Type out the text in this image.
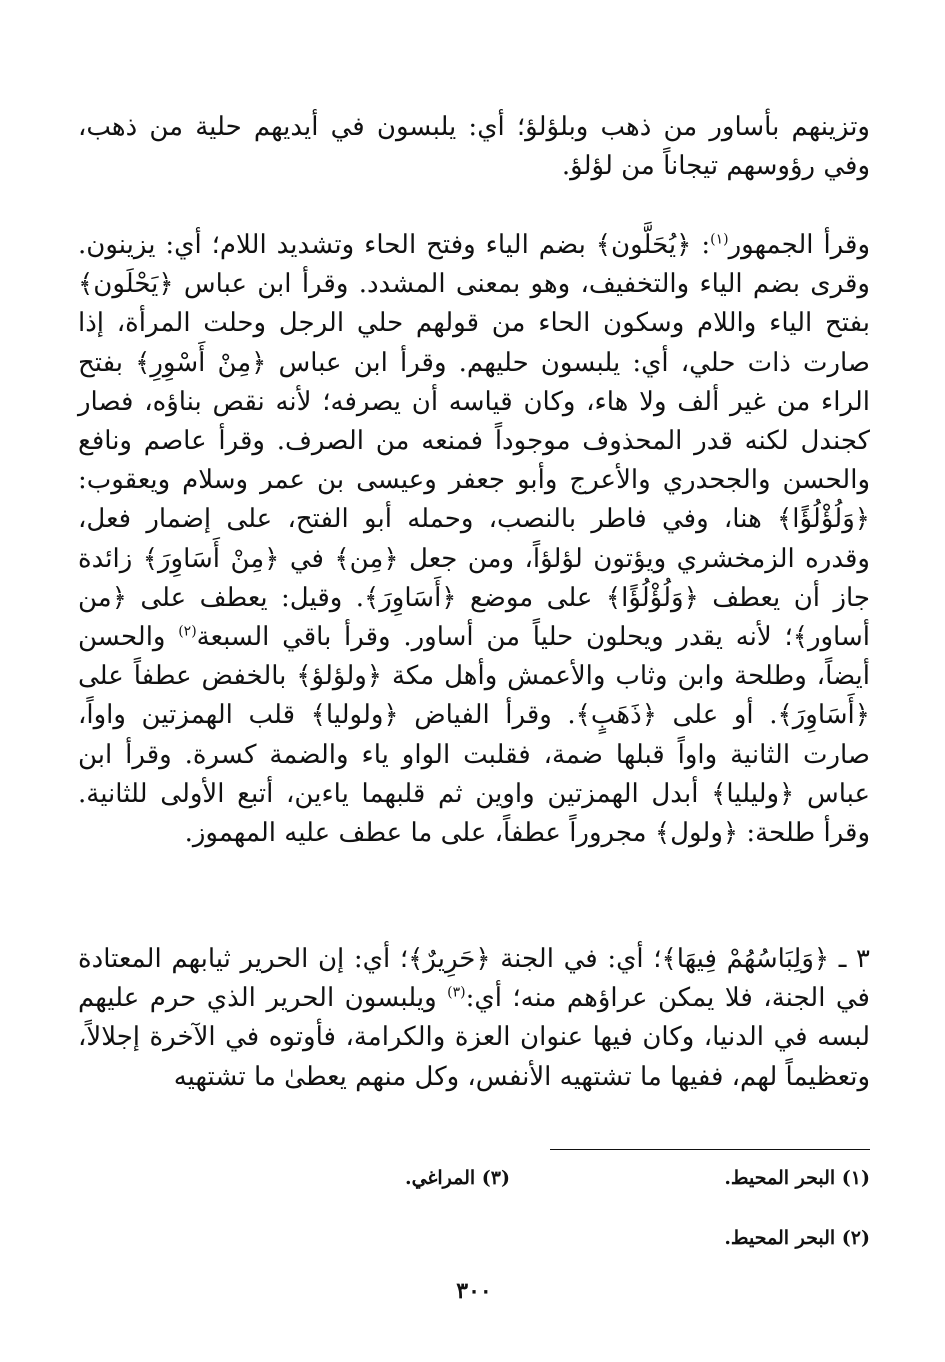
وتزينهم بأساور من ذهب وبلؤلؤ؛ أي: يلبسون في أيديهم حلية من ذهب، وفي رؤوسهم تيجاناً من لؤلؤ.

وقرأ الجمهور$^{(١)}$: ﴿يُحَلَّون﴾ بضم الياء وفتح الحاء وتشديد اللام؛ أي: يزينون. وقرى بضم الياء والتخفيف، وهو بمعنى المشدد. وقرأ ابن عباس ﴿يَحْلَون﴾ بفتح الياء واللام وسكون الحاء من قولهم حلي الرجل وحلت المرأة، إذا صارت ذات حلي، أي: يلبسون حليهم. وقرأ ابن عباس ﴿مِنْ أَسْوِرِ﴾ بفتح الراء من غير ألف ولا هاء، وكان قياسه أن يصرفه؛ لأنه نقص بناؤه، فصار كجندل لكنه قدر المحذوف موجوداً فمنعه من الصرف. وقرأ عاصم ونافع والحسن والجحدري والأعرج وأبو جعفر وعيسى بن عمر وسلام ويعقوب: ﴿وَلُؤْلُؤًا﴾ هنا، وفي فاطر بالنصب، وحمله أبو الفتح، على إضمار فعل، وقدره الزمخشري ويؤتون لؤلؤاً، ومن جعل ﴿مِن﴾ في ﴿مِنْ أَسَاوِرَ﴾ زائدة جاز أن يعطف ﴿وَلُؤْلُؤًا﴾ على موضع ﴿أَسَاوِرَ﴾. وقيل: يعطف على ﴿من أساور﴾؛ لأنه يقدر ويحلون حلياً من أساور. وقرأ باقي السبعة$^{(٢)}$ والحسن أيضاً، وطلحة وابن وثاب والأعمش وأهل مكة ﴿ولؤلؤ﴾ بالخفض عطفاً على ﴿أَسَاوِرَ﴾. أو على ﴿ذَهَبٍ﴾. وقرأ الفياض ﴿ولوليا﴾ قلب الهمزتين واواً، صارت الثانية واواً قبلها ضمة، فقلبت الواو ياء والضمة كسرة. وقرأ ابن عباس ﴿وليليا﴾ أبدل الهمزتين واوين ثم قلبهما ياءين، أتبع الأولى للثانية. وقرأ طلحة: ﴿ولول﴾ مجروراً عطفاً، على ما عطف عليه المهموز.

٣ ـ ﴿وَلِبَاسُهُمْ فِيهَا﴾؛ أي: في الجنة ﴿حَرِيرٌ﴾؛ أي: إن الحرير ثيابهم المعتادة في الجنة، فلا يمكن عراؤهم منه؛ أي:$^{(٣)}$ ويلبسون الحرير الذي حرم عليهم لبسه في الدنيا، وكان فيها عنوان العزة والكرامة، فأوتوه في الآخرة إجلالاً، وتعظيماً لهم، ففيها ما تشتهيه الأنفس، وكل منهم يعطىٰ ما تشتهيه

(١) البحر المحيط.
(٣) المراغي.
(٢) البحر المحيط.
٣٠٠
